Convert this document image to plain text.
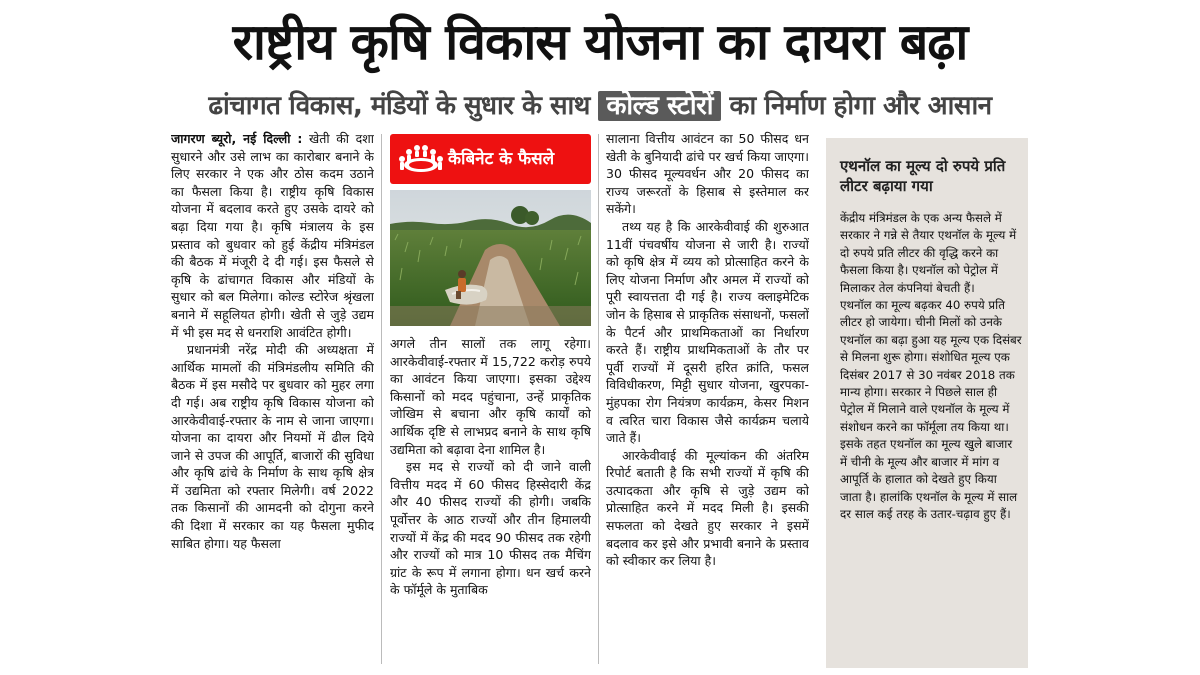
राष्ट्रीय कृषि विकास योजना का दायरा बढ़ा
ढांचागत विकास, मंडियों के सुधार के साथ कोल्ड स्टोरों का निर्माण होगा और आसान

जागरण ब्यूरो, नई दिल्ली : खेती की दशा सुधारने और उसे लाभ का कारोबार बनाने के लिए सरकार ने एक और ठोस कदम उठाने का फैसला किया है। राष्ट्रीय कृषि विकास योजना में बदलाव करते हुए उसके दायरे को बढ़ा दिया गया है। कृषि मंत्रालय के इस प्रस्ताव को बुधवार को हुई केंद्रीय मंत्रिमंडल की बैठक में मंजूरी दे दी गई। इस फैसले से कृषि के ढांचागत विकास और मंडियों के सुधार को बल मिलेगा। कोल्ड स्टोरेज श्रृंखला बनाने में सहूलियत होगी। खेती से जुड़े उद्यम में भी इस मद से धनराशि आवंटित होगी।

प्रधानमंत्री नरेंद्र मोदी की अध्यक्षता में आर्थिक मामलों की मंत्रिमंडलीय समिति की बैठक में इस मसौदे पर बुधवार को मुहर लगा दी गई। अब राष्ट्रीय कृषि विकास योजना को आरकेवीवाई-रफ्तार के नाम से जाना जाएगा। योजना का दायरा और नियमों में ढील दिये जाने से उपज की आपूर्ति, बाजारों की सुविधा और कृषि ढांचे के निर्माण के साथ कृषि क्षेत्र में उद्यमिता को रफ्तार मिलेगी। वर्ष 2022 तक किसानों की आमदनी को दोगुना करने की दिशा में सरकार का यह फैसला मुफीद साबित होगा। यह फैसला

कैबिनेट के फैसले

अगले तीन सालों तक लागू रहेगा। आरकेवीवाई-रफ्तार में 15,722 करोड़ रुपये का आवंटन किया जाएगा। इसका उद्देश्य किसानों को मदद पहुंचाना, उन्हें प्राकृतिक जोखिम से बचाना और कृषि कार्यों को आर्थिक दृष्टि से लाभप्रद बनाने के साथ कृषि उद्यमिता को बढ़ावा देना शामिल है।

इस मद से राज्यों को दी जाने वाली वित्तीय मदद में 60 फीसद हिस्सेदारी केंद्र और 40 फीसद राज्यों की होगी। जबकि पूर्वोत्तर के आठ राज्यों और तीन हिमालयी राज्यों में केंद्र की मदद 90 फीसद तक रहेगी और राज्यों को मात्र 10 फीसद तक मैचिंग ग्रांट के रूप में लगाना होगा। धन खर्च करने के फॉर्मूले के मुताबिक

सालाना वित्तीय आवंटन का 50 फीसद धन खेती के बुनियादी ढांचे पर खर्च किया जाएगा। 30 फीसद मूल्यवर्धन और 20 फीसद का राज्य जरूरतों के हिसाब से इस्तेमाल कर सकेंगे।

तथ्य यह है कि आरकेवीवाई की शुरुआत 11वीं पंचवर्षीय योजना से जारी है। राज्यों को कृषि क्षेत्र में व्यय को प्रोत्साहित करने के लिए योजना निर्माण और अमल में राज्यों को पूरी स्वायत्तता दी गई है। राज्य क्लाइमेटिक जोन के हिसाब से प्राकृतिक संसाधनों, फसलों के पैटर्न और प्राथमिकताओं का निर्धारण करते हैं। राष्ट्रीय प्राथमिकताओं के तौर पर पूर्वी राज्यों में दूसरी हरित क्रांति, फसल विविधीकरण, मिट्टी सुधार योजना, खुरपका-मुंहपका रोग नियंत्रण कार्यक्रम, केसर मिशन व त्वरित चारा विकास जैसे कार्यक्रम चलाये जाते हैं।

आरकेवीवाई की मूल्यांकन की अंतरिम रिपोर्ट बताती है कि सभी राज्यों में कृषि की उत्पादकता और कृषि से जुड़े उद्यम को प्रोत्साहित करने में मदद मिली है। इसकी सफलता को देखते हुए सरकार ने इसमें बदलाव कर इसे और प्रभावी बनाने के प्रस्ताव को स्वीकार कर लिया है।

एथनॉल का मूल्य दो रुपये प्रति लीटर बढ़ाया गया

केंद्रीय मंत्रिमंडल के एक अन्य फैसले में सरकार ने गन्ने से तैयार एथनॉल के मूल्य में दो रुपये प्रति लीटर की वृद्धि करने का फैसला किया है। एथनॉल को पेट्रोल में मिलाकर तेल कंपनियां बेचती हैं।

एथनॉल का मूल्य बढ़कर 40 रुपये प्रति लीटर हो जायेगा। चीनी मिलों को उनके एथनॉल का बढ़ा हुआ यह मूल्य एक दिसंबर से मिलना शुरू होगा। संशोधित मूल्य एक दिसंबर 2017 से 30 नवंबर 2018 तक मान्य होगा। सरकार ने पिछले साल ही पेट्रोल में मिलाने वाले एथनॉल के मूल्य में संशोधन करने का फॉर्मूला तय किया था। इसके तहत एथनॉल का मूल्य खुले बाजार में चीनी के मूल्य और बाजार में मांग व आपूर्ति के हालात को देखते हुए किया जाता है। हालांकि एथनॉल के मूल्य में साल दर साल कई तरह के उतार-चढ़ाव हुए हैं।
